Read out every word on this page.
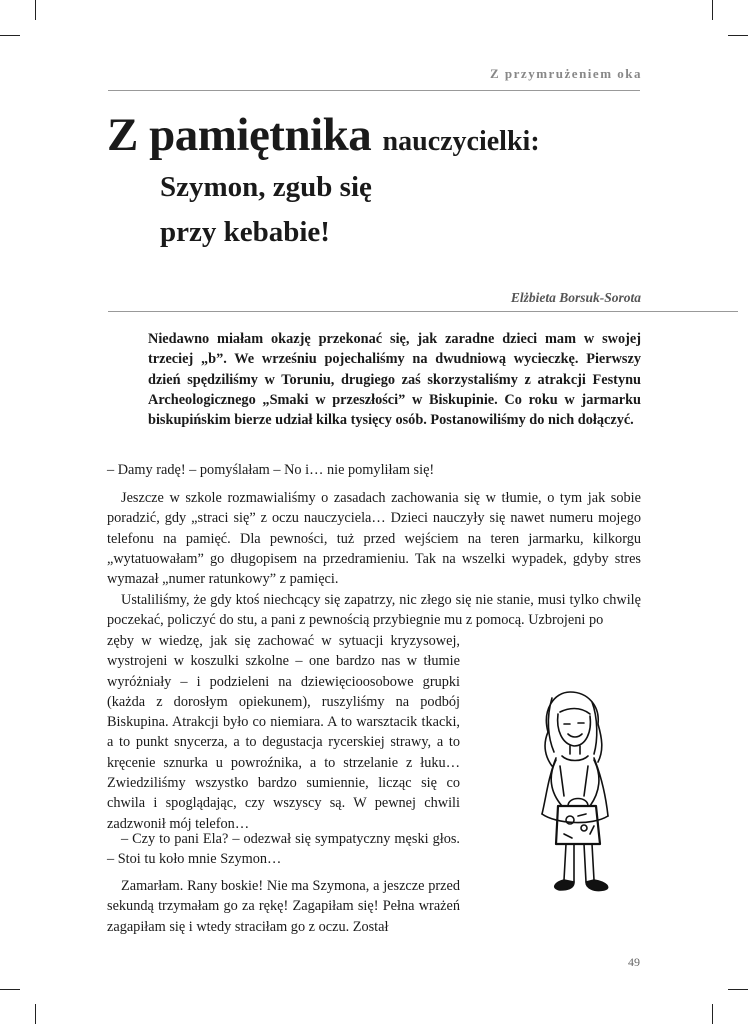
Z przymrużeniem oka
Z pamiętnika nauczycielki:
Szymon, zgub się
przy kebabie!
Elżbieta Borsuk-Sorota

Niedawno miałam okazję przekonać się, jak zaradne dzieci mam w swojej trzeciej „b”. We wrześniu pojechaliśmy na dwudniową wycieczkę. Pierwszy dzień spędziliśmy w Toruniu, drugiego zaś skorzystaliśmy z atrakcji Festynu Archeologicznego „Smaki w przeszłości” w Biskupinie. Co roku w jarmarku biskupińskim bierze udział kilka tysięcy osób. Postanowiliśmy do nich dołączyć.

– Damy radę! – pomyślałam – No i… nie pomyliłam się!

Jeszcze w szkole rozmawialiśmy o zasadach zachowania się w tłumie, o tym jak sobie poradzić, gdy „straci się” z oczu nauczyciela… Dzieci nauczyły się nawet numeru mojego telefonu na pamięć. Dla pewności, tuż przed wejściem na teren jarmarku, kilkorgu „wytatuowałam” go długopisem na przedramieniu. Tak na wszelki wypadek, gdyby stres wymazał „numer ratunkowy” z pamięci.

Ustaliliśmy, że gdy ktoś niechcący się zapatrzy, nic złego się nie stanie, musi tylko chwilę poczekać, policzyć do stu, a pani z pewnością przybiegnie mu z pomocą. Uzbrojeni po

zęby w wiedzę, jak się zachować w sytuacji kryzysowej, wystrojeni w koszulki szkolne – one bardzo nas w tłumie wyróżniały – i podzieleni na dziewięcioosobowe grupki (każda z dorosłym opiekunem), ruszyliśmy na podbój Biskupina. Atrakcji było co niemiara. A to warsztacik tkacki, a to punkt snycerza, a to degustacja rycerskiej strawy, a to kręcenie sznurka u powroźnika, a to strzelanie z łuku… Zwiedziliśmy wszystko bardzo sumiennie, licząc się co chwila i spoglądając, czy wszyscy są. W pewnej chwili zadzwonił mój telefon…

– Czy to pani Ela? – odezwał się sympatyczny męski głos. – Stoi tu koło mnie Szymon…

Zamarłam. Rany boskie! Nie ma Szymona, a jeszcze przed sekundą trzymałam go za rękę! Zagapiłam się! Pełna wrażeń zagapiłam się i wtedy straciłam go z oczu. Został

49
